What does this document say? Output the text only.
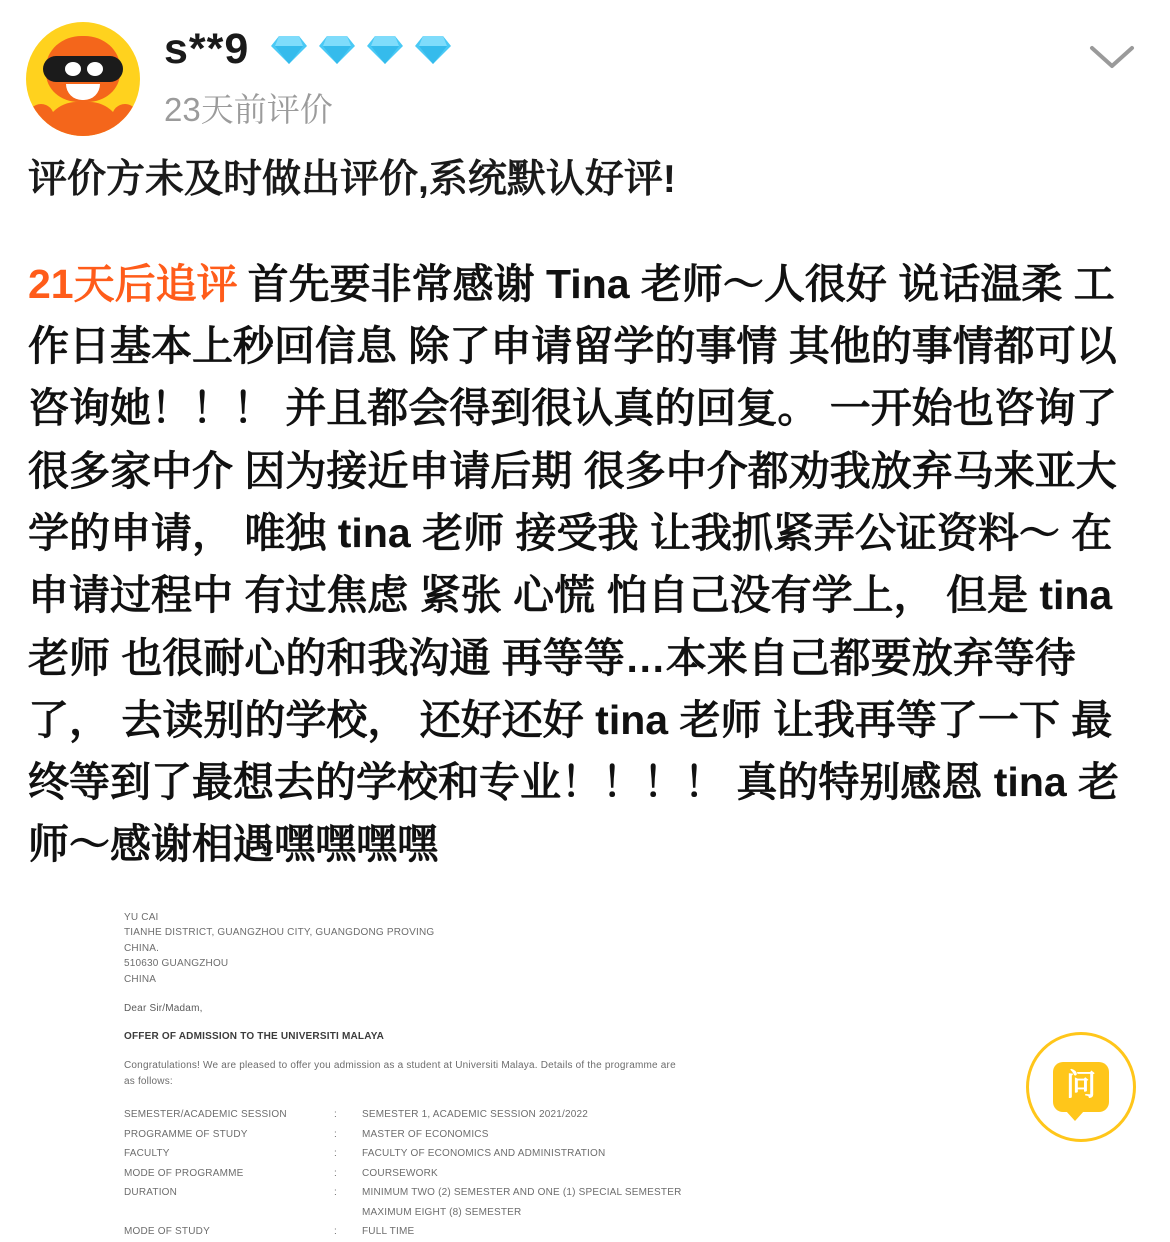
s**9
23天前评价

评价方未及时做出评价,系统默认好评!

21天后追评 首先要非常感谢 Tina 老师～人很好 说话温柔 工作日基本上秒回信息 除了申请留学的事情 其他的事情都可以咨询她！！！ 并且都会得到很认真的回复。 一开始也咨询了很多家中介 因为接近申请后期 很多中介都劝我放弃马来亚大学的申请， 唯独 tina 老师 接受我 让我抓紧弄公证资料～ 在申请过程中 有过焦虑 紧张 心慌 怕自己没有学上， 但是 tina 老师 也很耐心的和我沟通 再等等…本来自己都要放弃等待了， 去读别的学校， 还好还好 tina 老师 让我再等了一下 最终等到了最想去的学校和专业！！！！ 真的特别感恩 tina 老师～感谢相遇嘿嘿嘿嘿
YU CAI
TIANHE DISTRICT, GUANGZHOU CITY, GUANGDONG PROVING
CHINA.
510630 GUANGZHOU
CHINA
Dear Sir/Madam,
OFFER OF ADMISSION TO THE UNIVERSITI MALAYA
Congratulations! We are pleased to offer you admission as a student at Universiti Malaya. Details of the programme are as follows:
SEMESTER/ACADEMIC SESSION	:	SEMESTER 1, ACADEMIC SESSION 2021/2022
PROGRAMME OF STUDY	:	MASTER OF ECONOMICS
FACULTY	:	FACULTY OF ECONOMICS AND ADMINISTRATION
MODE OF PROGRAMME	:	COURSEWORK
DURATION	:	MINIMUM TWO (2) SEMESTER AND ONE (1) SPECIAL SEMESTER
		MAXIMUM EIGHT (8) SEMESTER
MODE OF STUDY	:	FULL TIME
问
